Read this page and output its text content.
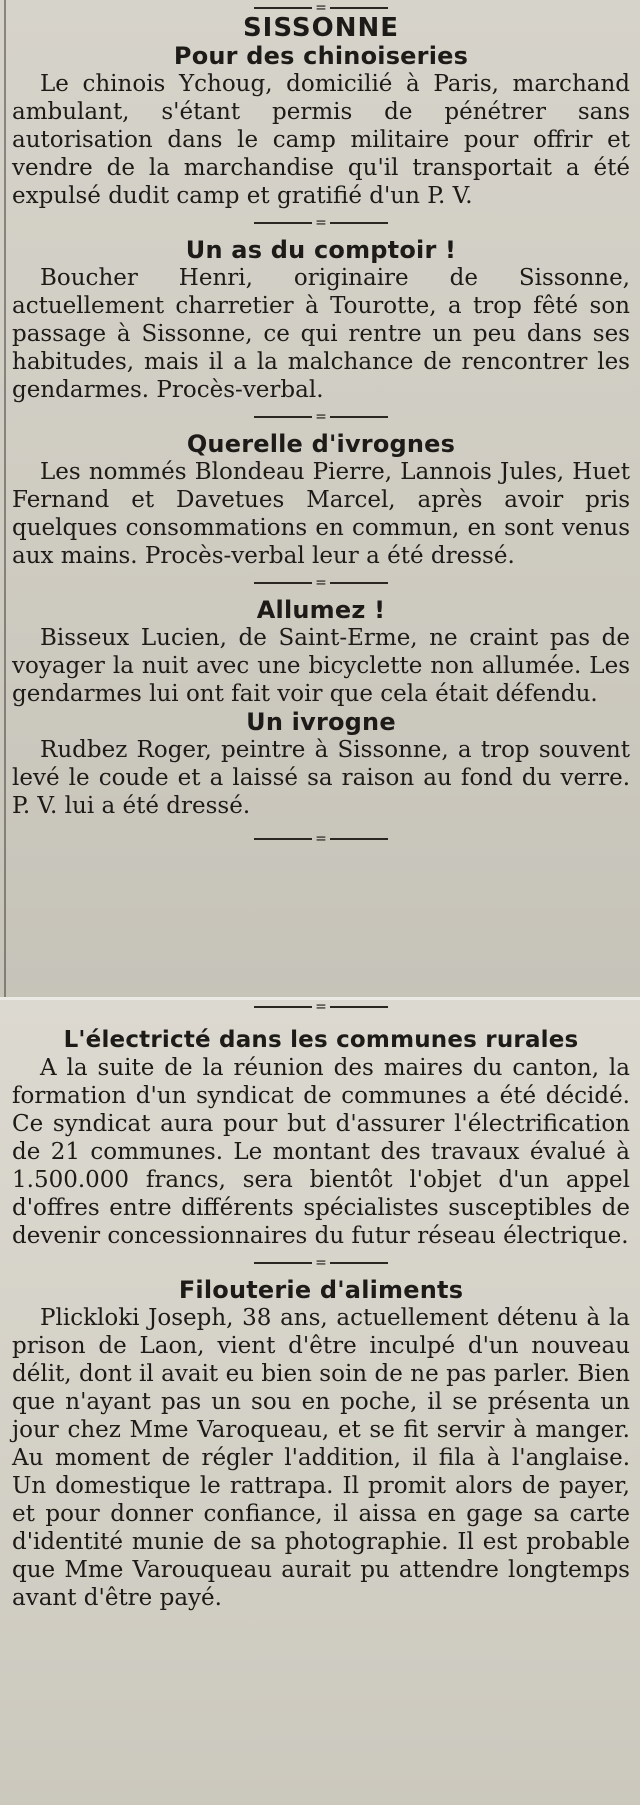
=
SISSONNE
Pour des chinoiseries

Le chinois Ychoug, domicilié à Paris, marchand ambulant, s'étant permis de pénétrer sans autorisation dans le camp militaire pour offrir et vendre de la marchandise qu'il transportait a été expulsé dudit camp et gratifié d'un P. V.

=
Un as du comptoir !

Boucher Henri, originaire de Sissonne, actuellement charretier à Tourotte, a trop fêté son passage à Sissonne, ce qui rentre un peu dans ses habitudes, mais il a la malchance de rencontrer les gendarmes. Procès-verbal.

=
Querelle d'ivrognes

Les nommés Blondeau Pierre, Lannois Jules, Huet Fernand et Davetues Marcel, après avoir pris quelques consommations en commun, en sont venus aux mains. Procès-verbal leur a été dressé.

=
Allumez !

Bisseux Lucien, de Saint-Erme, ne craint pas de voyager la nuit avec une bicyclette non allumée. Les gendarmes lui ont fait voir que cela était défendu.

Un ivrogne

Rudbez Roger, peintre à Sissonne, a trop souvent levé le coude et a laissé sa raison au fond du verre. P. V. lui a été dressé.

=
=
L'électricté dans les communes rurales

A la suite de la réunion des maires du canton, la formation d'un syndicat de communes a été décidé. Ce syndicat aura pour but d'assurer l'électrification de 21 communes. Le montant des travaux évalué à 1.500.000 francs, sera bientôt l'objet d'un appel d'offres entre différents spécialistes susceptibles de devenir concessionnaires du futur réseau électrique.

=
Filouterie d'aliments

Plickloki Joseph, 38 ans, actuellement détenu à la prison de Laon, vient d'être inculpé d'un nouveau délit, dont il avait eu bien soin de ne pas parler. Bien que n'ayant pas un sou en poche, il se présenta un jour chez Mme Varoqueau, et se fit servir à manger. Au moment de régler l'addition, il fila à l'anglaise. Un domestique le rattrapa. Il promit alors de payer, et pour donner confiance, il aissa en gage sa carte d'identité munie de sa photographie. Il est probable que Mme Varouqueau aurait pu attendre longtemps avant d'être payé.
